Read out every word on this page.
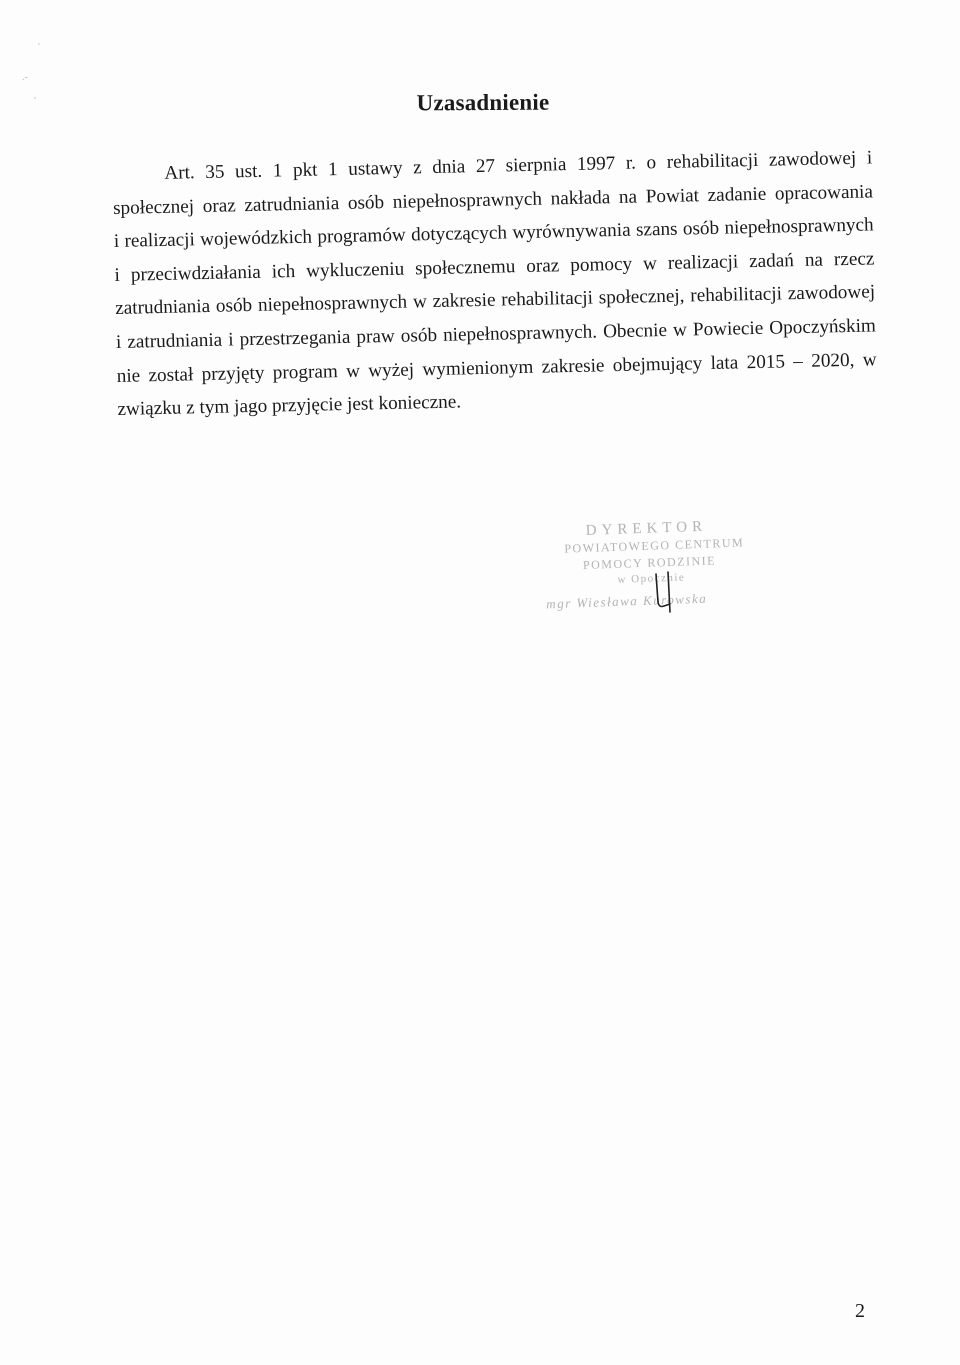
'
.-
'	Uzasadnienie
Art. 35 ust. 1 pkt 1 ustawy z dnia 27 sierpnia 1997 r. o rehabilitacji zawodowej i
społecznej oraz zatrudniania osób niepełnosprawnych nakłada na Powiat zadanie opracowania
i realizacji wojewódzkich programów dotyczących wyrównywania szans osób niepełnosprawnych
i przeciwdziałania ich wykluczeniu społecznemu oraz pomocy w realizacji zadań na rzecz
zatrudniania osób niepełnosprawnych w zakresie rehabilitacji społecznej, rehabilitacji zawodowej
i zatrudniania i przestrzegania praw osób niepełnosprawnych. Obecnie w Powiecie Opoczyńskim
nie został przyjęty program w wyżej wymienionym zakresie obejmujący lata 2015 – 2020, w
związku z tym jago przyjęcie jest konieczne.
DYREKTOR
POWIATOWEGO CENTRUM
POMOCY RODZINIE
w Opocznie
mgr Wiesława Kurowska
2
